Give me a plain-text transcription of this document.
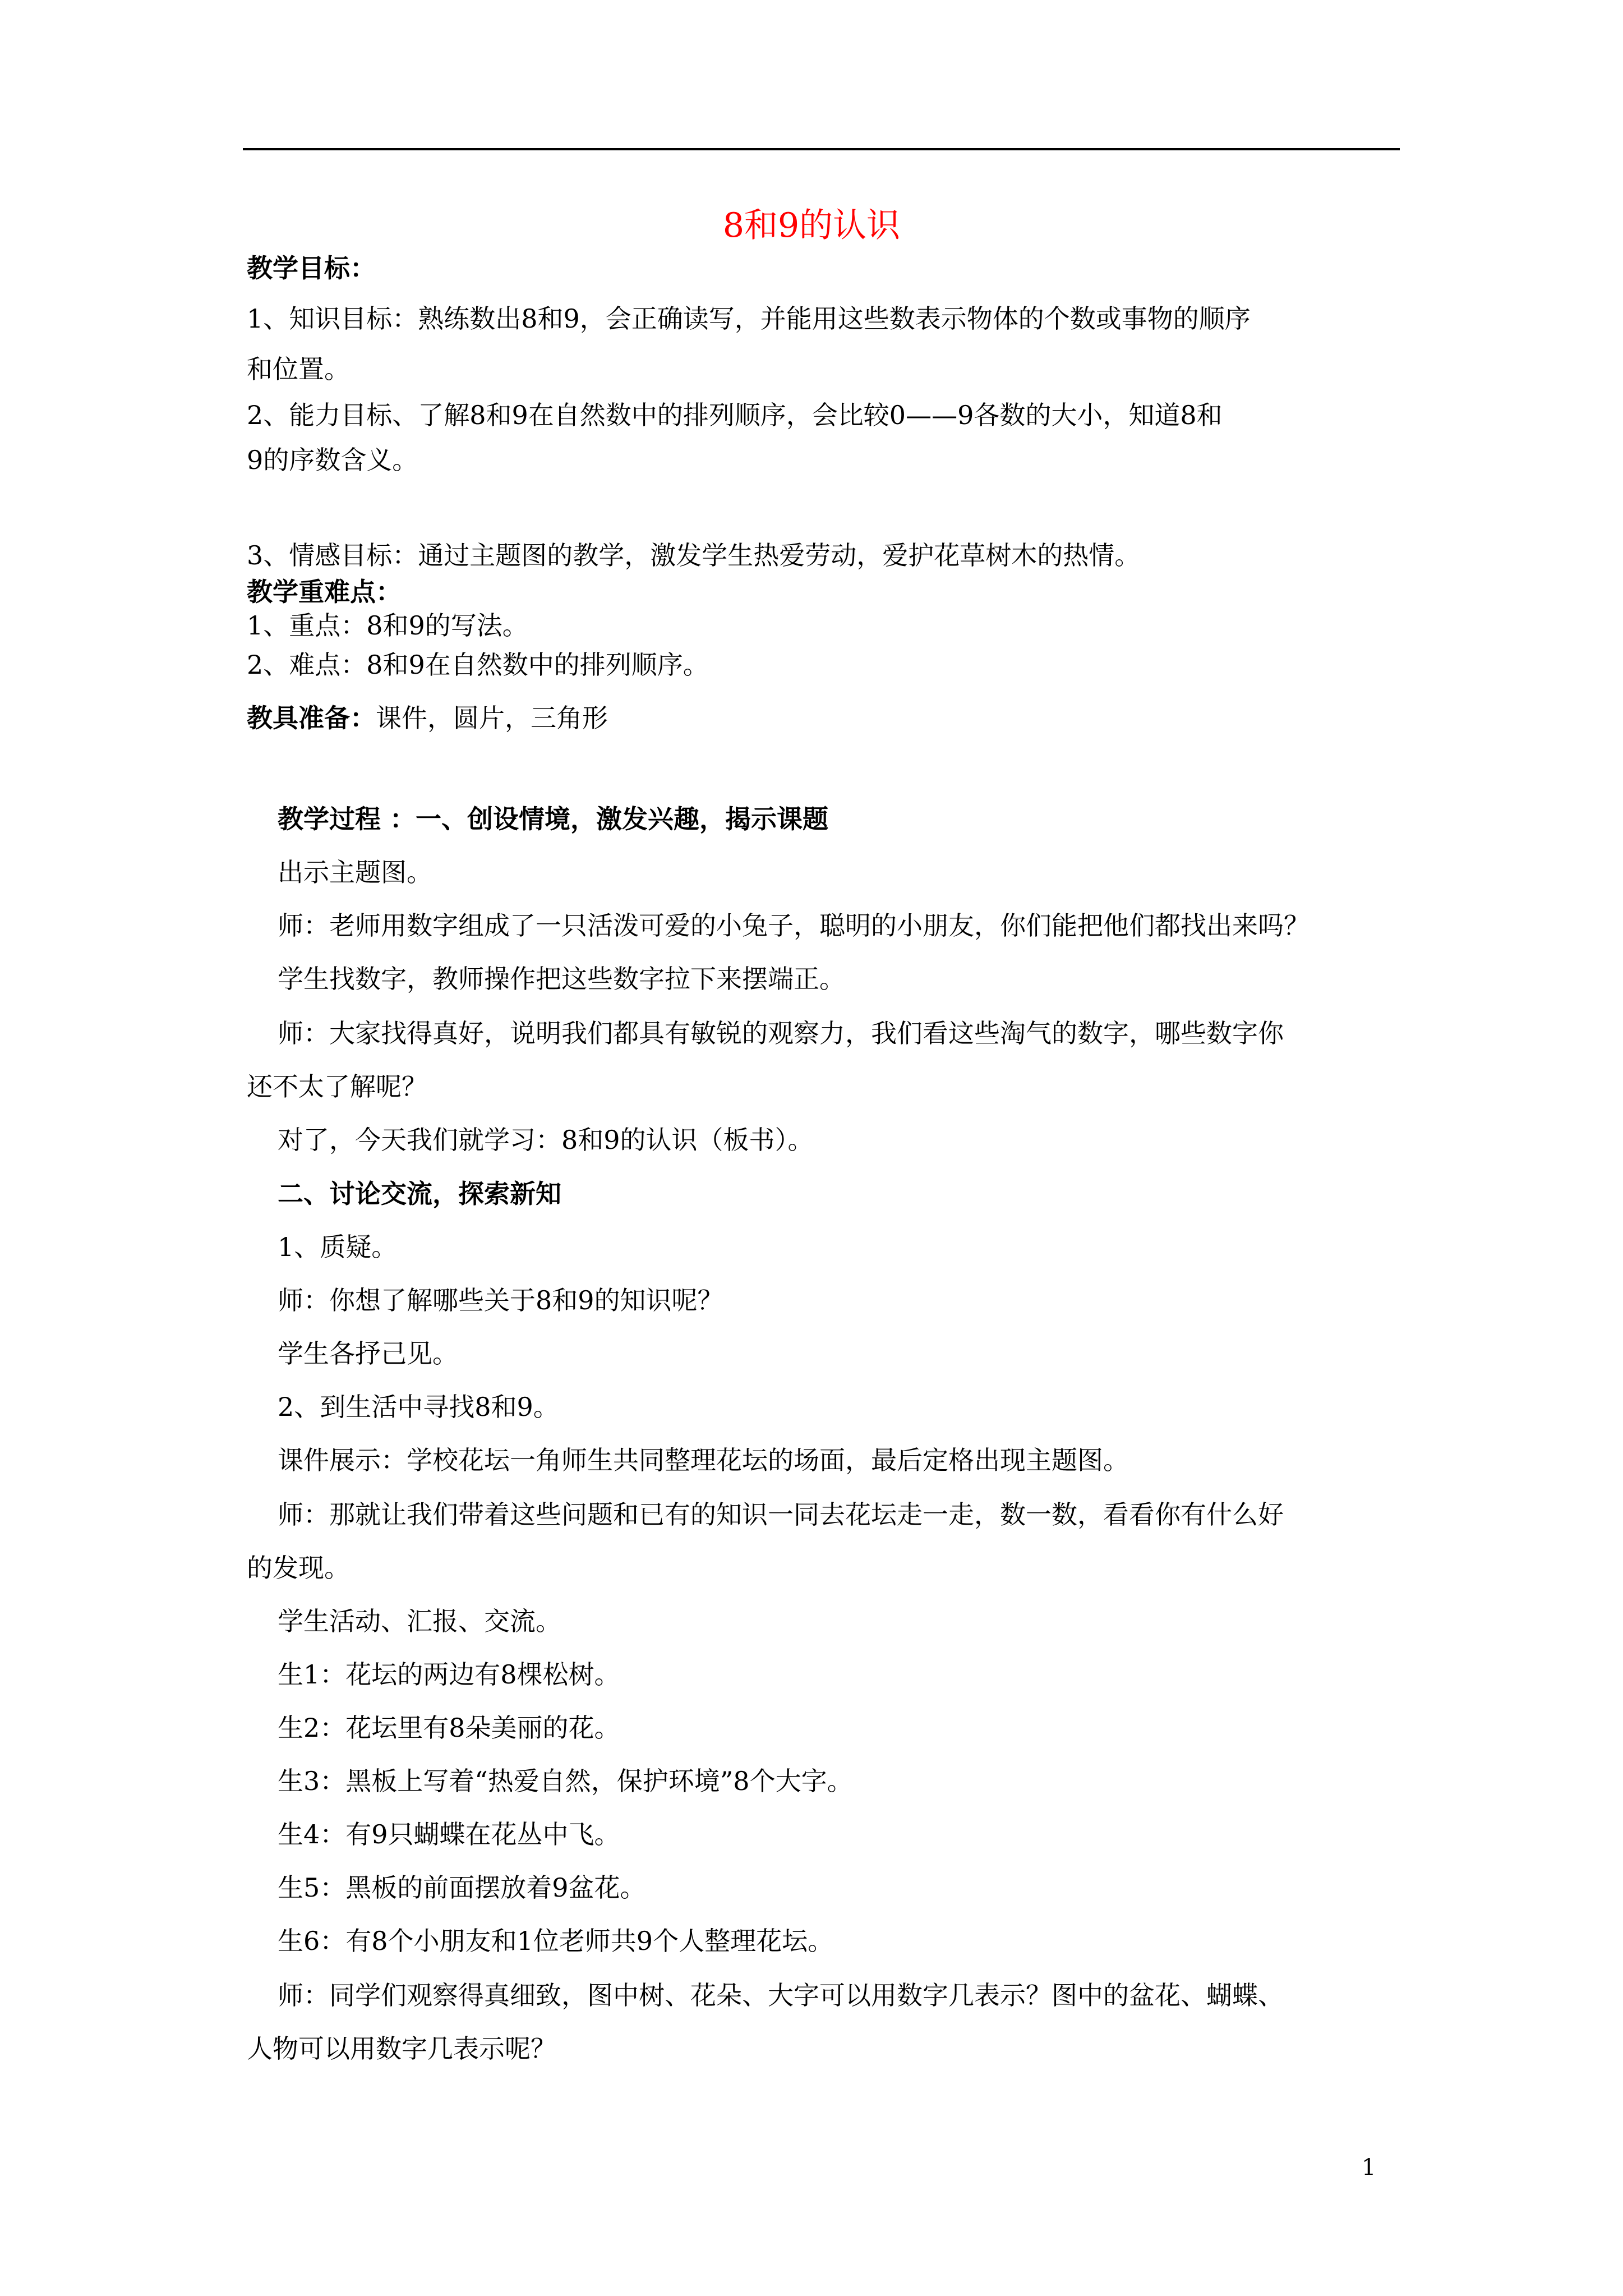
8和9的认识
教学目标：
1、知识目标：熟练数出8和9，会正确读写，并能用这些数表示物体的个数或事物的顺序
和位置。
2、能力目标、了解8和9在自然数中的排列顺序，会比较0——9各数的大小，知道8和
9的序数含义。
3、情感目标：通过主题图的教学，激发学生热爱劳动，爱护花草树木的热情。
教学重难点：
1、重点：8和9的写法。
2、难点：8和9在自然数中的排列顺序。
教具准备：课件，圆片，三角形
教学过程 ：一、创设情境，激发兴趣，揭示课题
出示主题图。
师：老师用数字组成了一只活泼可爱的小兔子，聪明的小朋友，你们能把他们都找出来吗？
学生找数字，教师操作把这些数字拉下来摆端正。
师：大家找得真好，说明我们都具有敏锐的观察力，我们看这些淘气的数字，哪些数字你
还不太了解呢？
对了，今天我们就学习：8和9的认识（板书）。
二、讨论交流，探索新知
1、质疑。
师：你想了解哪些关于8和9的知识呢？
学生各抒己见。
2、到生活中寻找8和9。
课件展示：学校花坛一角师生共同整理花坛的场面，最后定格出现主题图。
师：那就让我们带着这些问题和已有的知识一同去花坛走一走，数一数，看看你有什么好
的发现。
学生活动、汇报、交流。
生1：花坛的两边有8棵松树。
生2：花坛里有8朵美丽的花。
生3：黑板上写着“热爱自然，保护环境”8个大字。
生4：有9只蝴蝶在花丛中飞。
生5：黑板的前面摆放着9盆花。
生6：有8个小朋友和1位老师共9个人整理花坛。
师：同学们观察得真细致，图中树、花朵、大字可以用数字几表示？图中的盆花、蝴蝶、
人物可以用数字几表示呢？
1
